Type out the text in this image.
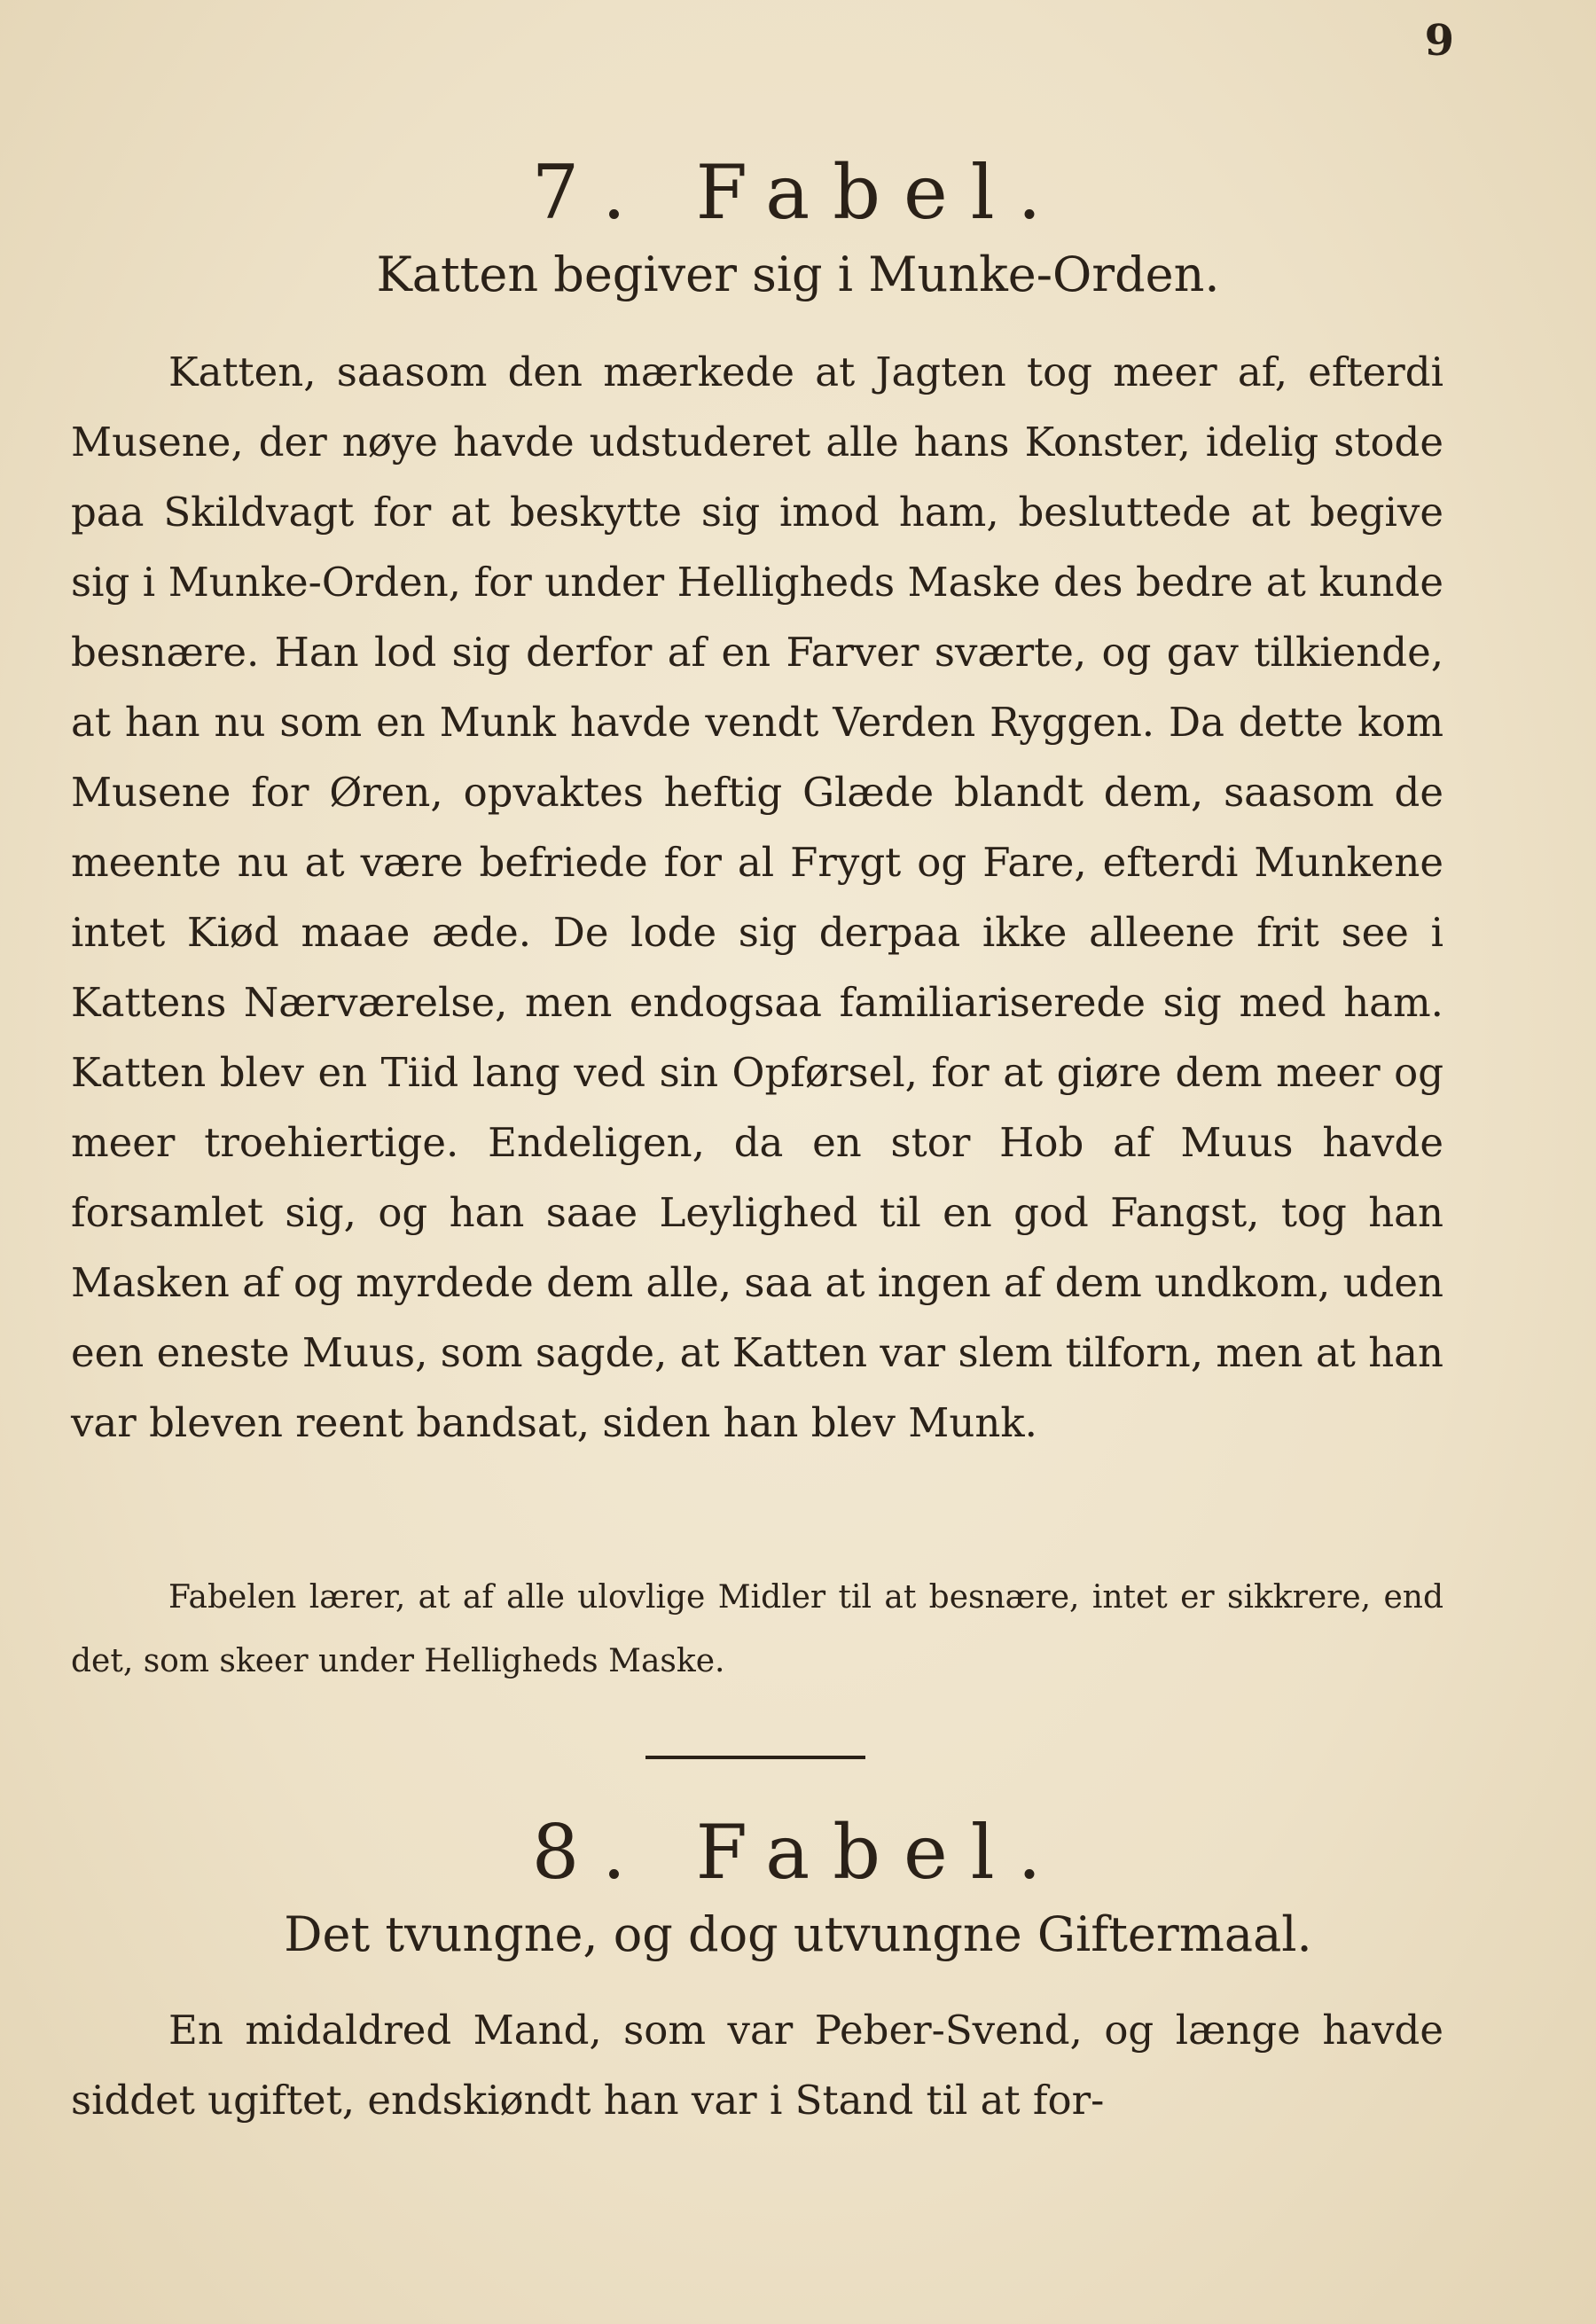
9
7. Fabel.
Katten begiver sig i Munke-Orden.

Katten, saasom den mærkede at Jagten tog meer af, efterdi Musene, der nøye havde udstuderet alle hans Konster, idelig stode paa Skildvagt for at beskytte sig imod ham, besluttede at begive sig i Munke-Orden, for under Helligheds Maske des bedre at kunde besnære. Han lod sig derfor af en Farver sværte, og gav tilkiende, at han nu som en Munk havde vendt Verden Ryggen. Da dette kom Musene for Øren, opvaktes heftig Glæde blandt dem, saasom de meente nu at være befriede for al Frygt og Fare, efterdi Munkene intet Kiød maae æde. De lode sig derpaa ikke alleene frit see i Kattens Nærværelse, men endogsaa familiariserede sig med ham. Katten blev en Tiid lang ved sin Opførsel, for at giøre dem meer og meer troehiertige. Endeligen, da en stor Hob af Muus havde forsamlet sig, og han saae Leylighed til en god Fangst, tog han Masken af og myrdede dem alle, saa at ingen af dem undkom, uden een eneste Muus, som sagde, at Katten var slem tilforn, men at han var bleven reent bandsat, siden han blev Munk.

Fabelen lærer, at af alle ulovlige Midler til at besnære, intet er sikkrere, end det, som skeer under Helligheds Maske.

8. Fabel.
Det tvungne, og dog utvungne Giftermaal.

En midaldred Mand, som var Peber-Svend, og længe havde siddet ugiftet, endskiøndt han var i Stand til at for-
